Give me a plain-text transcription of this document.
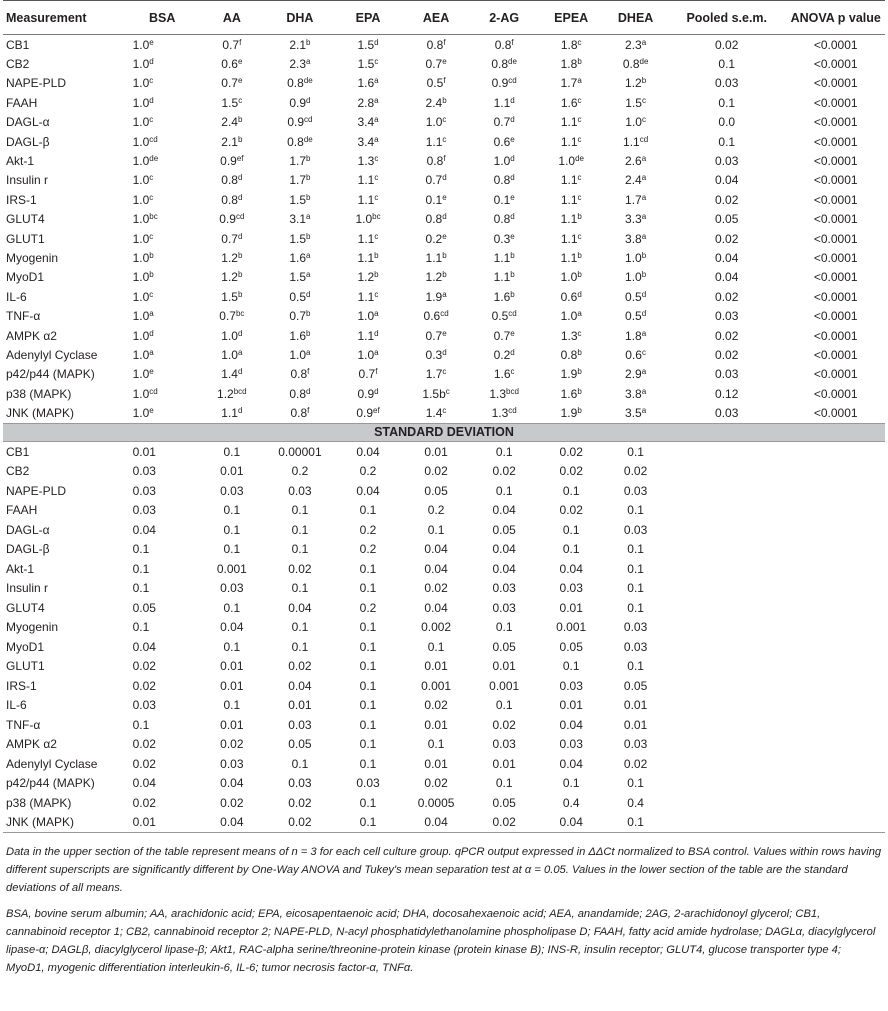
Measurement	BSA	AA	DHA	EPA	AEA	2-AG	EPEA	DHEA	Pooled s.e.m.	ANOVA p value
CB1	1.0e	0.7$^f$	2.1$^b$	1.5$^d$	0.8$^f$	0.8$^f$	1.8$^c$	2.3$^a$	0.02	<0.0001
CB2	1.0$^d$	0.6e	2.3$^a$	1.5$^c$	0.7e	0.8de	1.8$^b$	0.8de	0.1	<0.0001
NAPE-PLD	1.0$^c$	0.7e	0.8de	1.6$^a$	0.5$^f$	0.9$^{cd}$	1.7$^a$	1.2$^b$	0.03	<0.0001
FAAH	1.0$^d$	1.5$^c$	0.9$^d$	2.8$^a$	2.4$^b$	1.1$^d$	1.6$^c$	1.5$^c$	0.1	<0.0001
DAGL-α	1.0$^c$	2.4$^b$	0.9$^{cd}$	3.4$^a$	1.0$^c$	0.7$^d$	1.1$^c$	1.0$^c$	0.0	<0.0001
DAGL-β	1.0$^{cd}$	2.1$^b$	0.8de	3.4$^a$	1.1$^c$	0.6e	1.1$^c$	1.1$^{cd}$	0.1	<0.0001
Akt-1	1.0de	0.9$^{ef}$	1.7$^b$	1.3$^c$	0.8$^f$	1.0$^d$	1.0de	2.6$^a$	0.03	<0.0001
Insulin r	1.0$^c$	0.8$^d$	1.7$^b$	1.1$^c$	0.7$^d$	0.8$^d$	1.1$^c$	2.4$^a$	0.04	<0.0001
IRS-1	1.0$^c$	0.8$^d$	1.5$^b$	1.1$^c$	0.1e	0.1e	1.1$^c$	1.7$^a$	0.02	<0.0001
GLUT4	1.0$^{bc}$	0.9$^{cd}$	3.1$^a$	1.0$^{bc}$	0.8$^d$	0.8$^d$	1.1$^b$	3.3$^a$	0.05	<0.0001
GLUT1	1.0$^c$	0.7$^d$	1.5$^b$	1.1$^c$	0.2e	0.3e	1.1$^c$	3.8$^a$	0.02	<0.0001
Myogenin	1.0$^b$	1.2$^b$	1.6$^a$	1.1$^b$	1.1$^b$	1.1$^b$	1.1$^b$	1.0$^b$	0.04	<0.0001
MyoD1	1.0$^b$	1.2$^b$	1.5$^a$	1.2$^b$	1.2$^b$	1.1$^b$	1.0$^b$	1.0$^b$	0.04	<0.0001
IL-6	1.0$^c$	1.5$^b$	0.5$^d$	1.1$^c$	1.9$^a$	1.6$^b$	0.6$^d$	0.5$^d$	0.02	<0.0001
TNF-α	1.0$^a$	0.7$^{bc}$	0.7$^b$	1.0$^a$	0.6$^{cd}$	0.5$^{cd}$	1.0$^a$	0.5$^d$	0.03	<0.0001
AMPK α2	1.0$^d$	1.0$^d$	1.6$^b$	1.1$^d$	0.7e	0.7e	1.3$^c$	1.8$^a$	0.02	<0.0001
Adenylyl Cyclase	1.0$^a$	1.0$^a$	1.0$^a$	1.0$^a$	0.3$^d$	0.2$^d$	0.8$^b$	0.6$^c$	0.02	<0.0001
p42/p44 (MAPK)	1.0e	1.4$^d$	0.8$^f$	0.7$^f$	1.7$^c$	1.6$^c$	1.9$^b$	2.9$^a$	0.03	<0.0001
p38 (MAPK)	1.0$^{cd}$	1.2$^{bcd}$	0.8$^d$	0.9$^d$	$1.5b^c$	1.3$^{bcd}$	1.6$^b$	3.8$^a$	0.12	<0.0001
JNK (MAPK)	1.0e	1.1$^d$	0.8$^f$	0.9$^{ef}$	1.4$^c$	1.3$^{cd}$	1.9$^b$	3.5$^a$	0.03	<0.0001
STANDARD DEVIATION										
CB1	0.01	0.1	0.00001	0.04	0.01	0.1	0.02	0.1		
CB2	0.03	0.01	0.2	0.2	0.02	0.02	0.02	0.02		
NAPE-PLD	0.03	0.03	0.03	0.04	0.05	0.1	0.1	0.03		
FAAH	0.03	0.1	0.1	0.1	0.2	0.04	0.02	0.1		
DAGL-α	0.04	0.1	0.1	0.2	0.1	0.05	0.1	0.03		
DAGL-β	0.1	0.1	0.1	0.2	0.04	0.04	0.1	0.1		
Akt-1	0.1	0.001	0.02	0.1	0.04	0.04	0.04	0.1		
Insulin r	0.1	0.03	0.1	0.1	0.02	0.03	0.03	0.1		
GLUT4	0.05	0.1	0.04	0.2	0.04	0.03	0.01	0.1		
Myogenin	0.1	0.04	0.1	0.1	0.002	0.1	0.001	0.03		
MyoD1	0.04	0.1	0.1	0.1	0.1	0.05	0.05	0.03		
GLUT1	0.02	0.01	0.02	0.1	0.01	0.01	0.1	0.1		
IRS-1	0.02	0.01	0.04	0.1	0.001	0.001	0.03	0.05		
IL-6	0.03	0.1	0.01	0.1	0.02	0.1	0.01	0.01		
TNF-α	0.1	0.01	0.03	0.1	0.01	0.02	0.04	0.01		
AMPK α2	0.02	0.02	0.05	0.1	0.1	0.03	0.03	0.03		
Adenylyl Cyclase	0.02	0.03	0.1	0.1	0.01	0.01	0.04	0.02		
p42/p44 (MAPK)	0.04	0.04	0.03	0.03	0.02	0.1	0.1	0.1		
p38 (MAPK)	0.02	0.02	0.02	0.1	0.0005	0.05	0.4	0.4		
JNK (MAPK)	0.01	0.04	0.02	0.1	0.04	0.02	0.04	0.1		

Data in the upper section of the table represent means of n = 3 for each cell culture group. qPCR output expressed in ΔΔCt normalized to BSA control. Values within rows having different superscripts are significantly different by One-Way ANOVA and Tukey's mean separation test at α = 0.05. Values in the lower section of the table are the standard deviations of all means.

BSA, bovine serum albumin; AA, arachidonic acid; EPA, eicosapentaenoic acid; DHA, docosahexaenoic acid; AEA, anandamide; 2AG, 2-arachidonoyl glycerol; CB1, cannabinoid receptor 1; CB2, cannabinoid receptor 2; NAPE-PLD, N-acyl phosphatidylethanolamine phospholipase D; FAAH, fatty acid amide hydrolase; DAGLα, diacylglycerol lipase-α; DAGLβ, diacylglycerol lipase-β; Akt1, RAC-alpha serine/threonine-protein kinase (protein kinase B); INS-R, insulin receptor; GLUT4, glucose transporter type 4; MyoD1, myogenic differentiation interleukin-6, IL-6; tumor necrosis factor-α, TNFα.
